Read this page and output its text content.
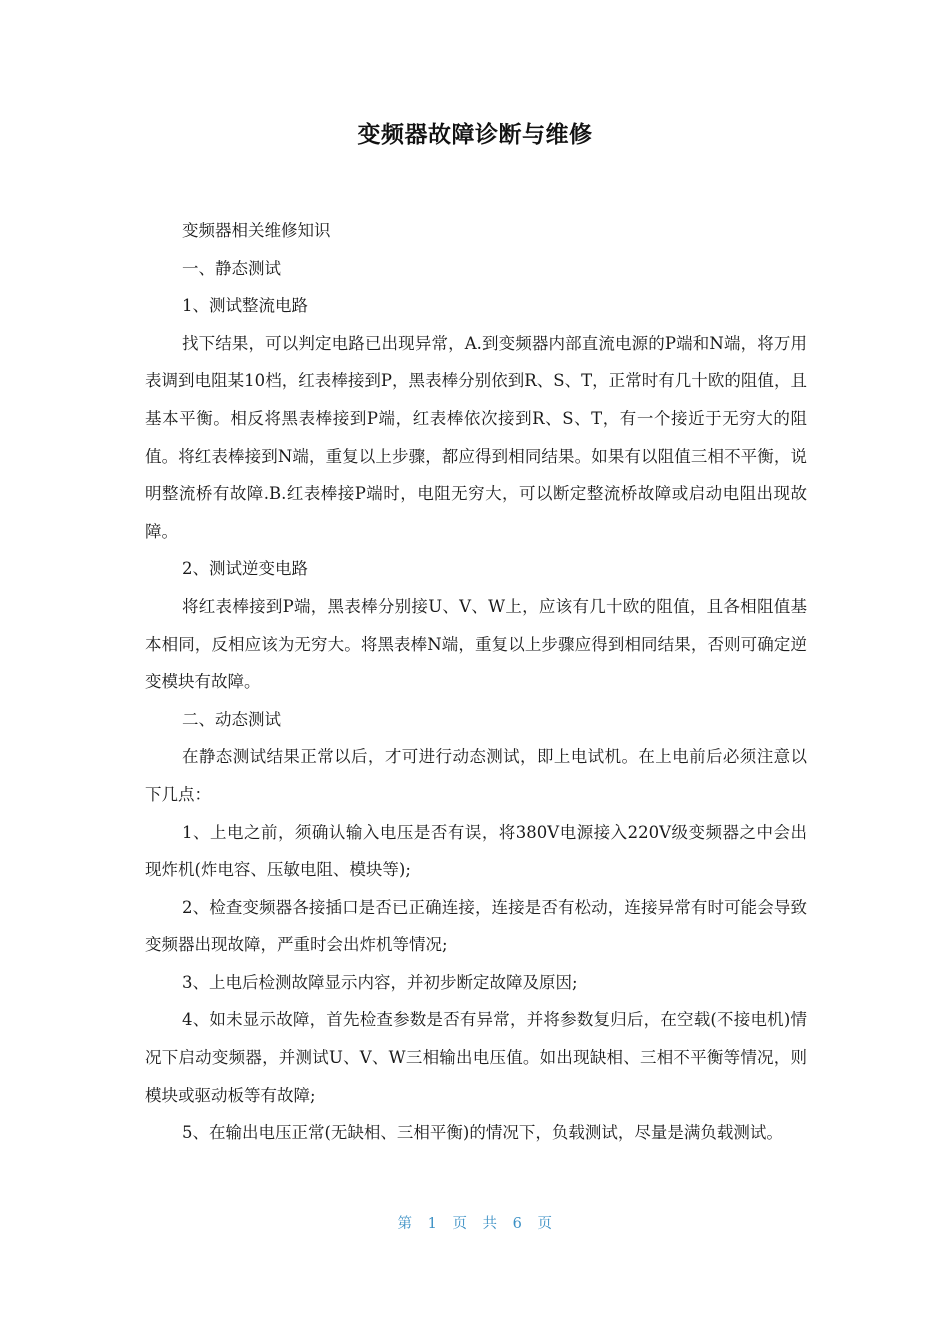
变频器故障诊断与维修

变频器相关维修知识

一、静态测试

1、测试整流电路

找下结果，可以判定电路已出现异常，A.到变频器内部直流电源的P端和N端，将万用表调到电阻某10档，红表棒接到P，黑表棒分别依到R、S、T，正常时有几十欧的阻值，且基本平衡。相反将黑表棒接到P端，红表棒依次接到R、S、T，有一个接近于无穷大的阻值。将红表棒接到N端，重复以上步骤，都应得到相同结果。如果有以阻值三相不平衡，说明整流桥有故障.B.红表棒接P端时，电阻无穷大，可以断定整流桥故障或启动电阻出现故障。

2、测试逆变电路

将红表棒接到P端，黑表棒分别接U、V、W上，应该有几十欧的阻值，且各相阻值基本相同，反相应该为无穷大。将黑表棒N端，重复以上步骤应得到相同结果，否则可确定逆变模块有故障。

二、动态测试

在静态测试结果正常以后，才可进行动态测试，即上电试机。在上电前后必须注意以下几点：

1、上电之前，须确认输入电压是否有误，将380V电源接入220V级变频器之中会出现炸机(炸电容、压敏电阻、模块等);

2、检查变频器各接插口是否已正确连接，连接是否有松动，连接异常有时可能会导致变频器出现故障，严重时会出炸机等情况;

3、上电后检测故障显示内容，并初步断定故障及原因;

4、如未显示故障，首先检查参数是否有异常，并将参数复归后，在空载(不接电机)情况下启动变频器，并测试U、V、W三相输出电压值。如出现缺相、三相不平衡等情况，则模块或驱动板等有故障;

5、在输出电压正常(无缺相、三相平衡)的情况下，负载测试，尽量是满负载测试。

第 1 页 共 6 页
